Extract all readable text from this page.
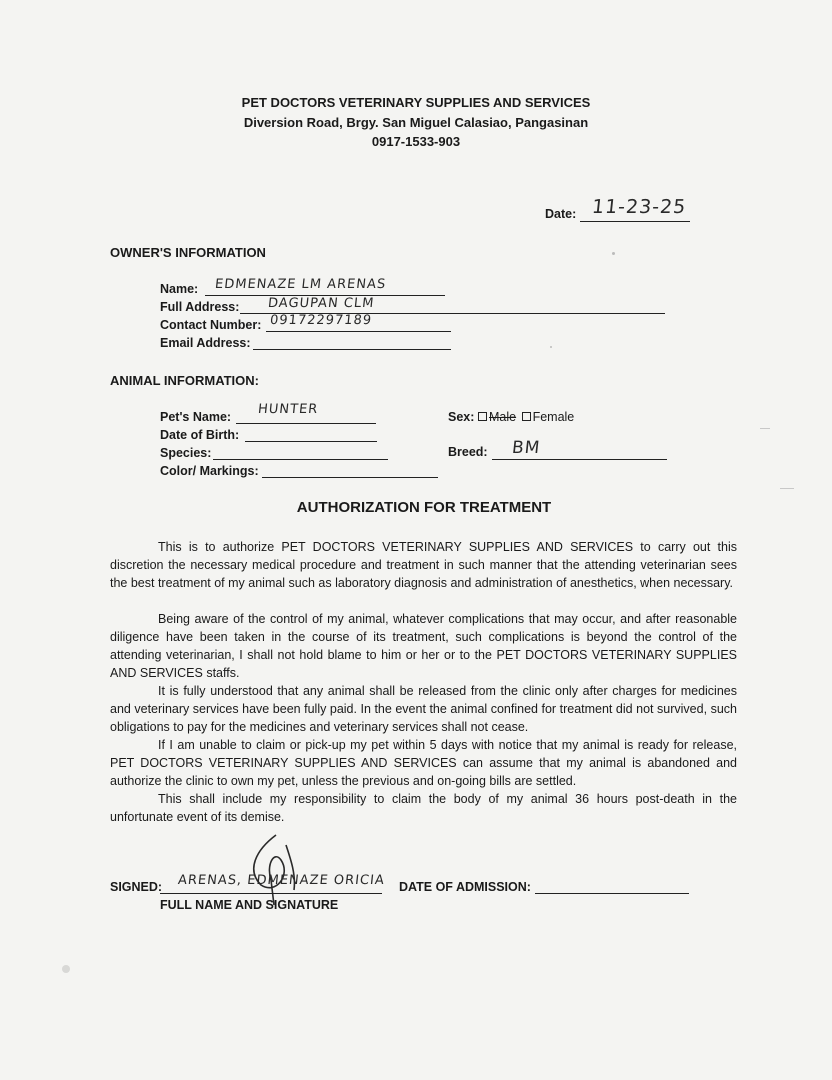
PET DOCTORS VETERINARY SUPPLIES AND SERVICES
Diversion Road, Brgy. San Miguel Calasiao, Pangasinan
0917-1533-903
Date: 11-23-25
OWNER'S INFORMATION
Name: EDMENAZE LM ARENAS
Full Address: DAGUPAN CLM
Contact Number: 09172297189
Email Address:
ANIMAL INFORMATION:
Pet's Name: HUNTER
Date of Birth:
Species:
Color/ Markings:
Sex:	Male Female
Breed: BM
AUTHORIZATION FOR TREATMENT

This is to authorize PET DOCTORS VETERINARY SUPPLIES AND SERVICES to carry out this discretion the necessary medical procedure and treatment in such manner that the attending veterinarian sees the best treatment of my animal such as laboratory diagnosis and administration of anesthetics, when necessary.

Being aware of the control of my animal, whatever complications that may occur, and after reasonable diligence have been taken in the course of its treatment, such complications is beyond the control of the attending veterinarian, I shall not hold blame to him or her or to the PET DOCTORS VETERINARY SUPPLIES AND SERVICES staffs.

It is fully understood that any animal shall be released from the clinic only after charges for medicines and veterinary services have been fully paid. In the event the animal confined for treatment did not survived, such obligations to pay for the medicines and veterinary services shall not cease.

If I am unable to claim or pick-up my pet within 5 days with notice that my animal is ready for release, PET DOCTORS VETERINARY SUPPLIES AND SERVICES can assume that my animal is abandoned and authorize the clinic to own my pet, unless the previous and on-going bills are settled.

This shall include my responsibility to claim the body of my animal 36 hours post-death in the unfortunate event of its demise.

SIGNED: ARENAS, EDMENAZE ORICIA
FULL NAME AND SIGNATURE
DATE OF ADMISSION:
